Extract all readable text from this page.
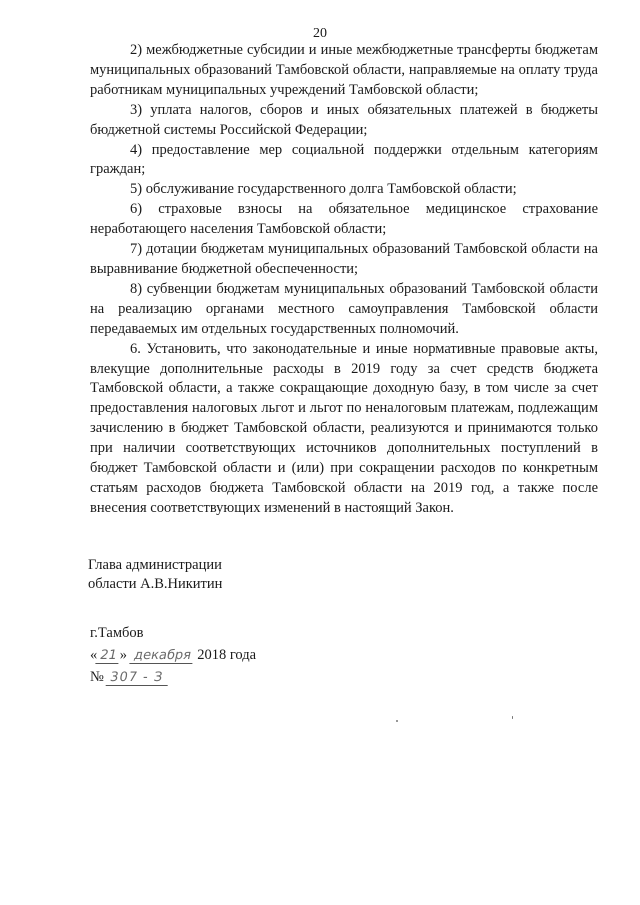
20

2) межбюджетные субсидии и иные межбюджетные трансферты бюджетам муниципальных образований Тамбовской области, направляемые на оплату труда работникам муниципальных учреждений Тамбовской области;

3) уплата налогов, сборов и иных обязательных платежей в бюджеты бюджетной системы Российской Федерации;

4) предоставление мер социальной поддержки отдельным категориям граждан;

5) обслуживание государственного долга Тамбовской области;

6) страховые взносы на обязательное медицинское страхование неработающего населения Тамбовской области;

7) дотации бюджетам муниципальных образований Тамбовской области на выравнивание бюджетной обеспеченности;

8) субвенции бюджетам муниципальных образований Тамбовской области на реализацию органами местного самоуправления Тамбовской области передаваемых им отдельных государственных полномочий.

6. Установить, что законодательные и иные нормативные правовые акты, влекущие дополнительные расходы в 2019 году за счет средств бюджета Тамбовской области, а также сокращающие доходную базу, в том числе за счет предоставления налоговых льгот и льгот по неналоговым платежам, подлежащим зачислению в бюджет Тамбовской области, реализуются и принимаются только при наличии соответствующих источников дополнительных поступлений в бюджет Тамбовской области и (или) при сокращении расходов по конкретным статьям расходов бюджета Тамбовской области на 2019 год, а также после внесения соответствующих изменений в настоящий Закон.

Глава администрации
области А.В.Никитин
г.Тамбов
« 21» декабря 2018 года
№ 307 - З
